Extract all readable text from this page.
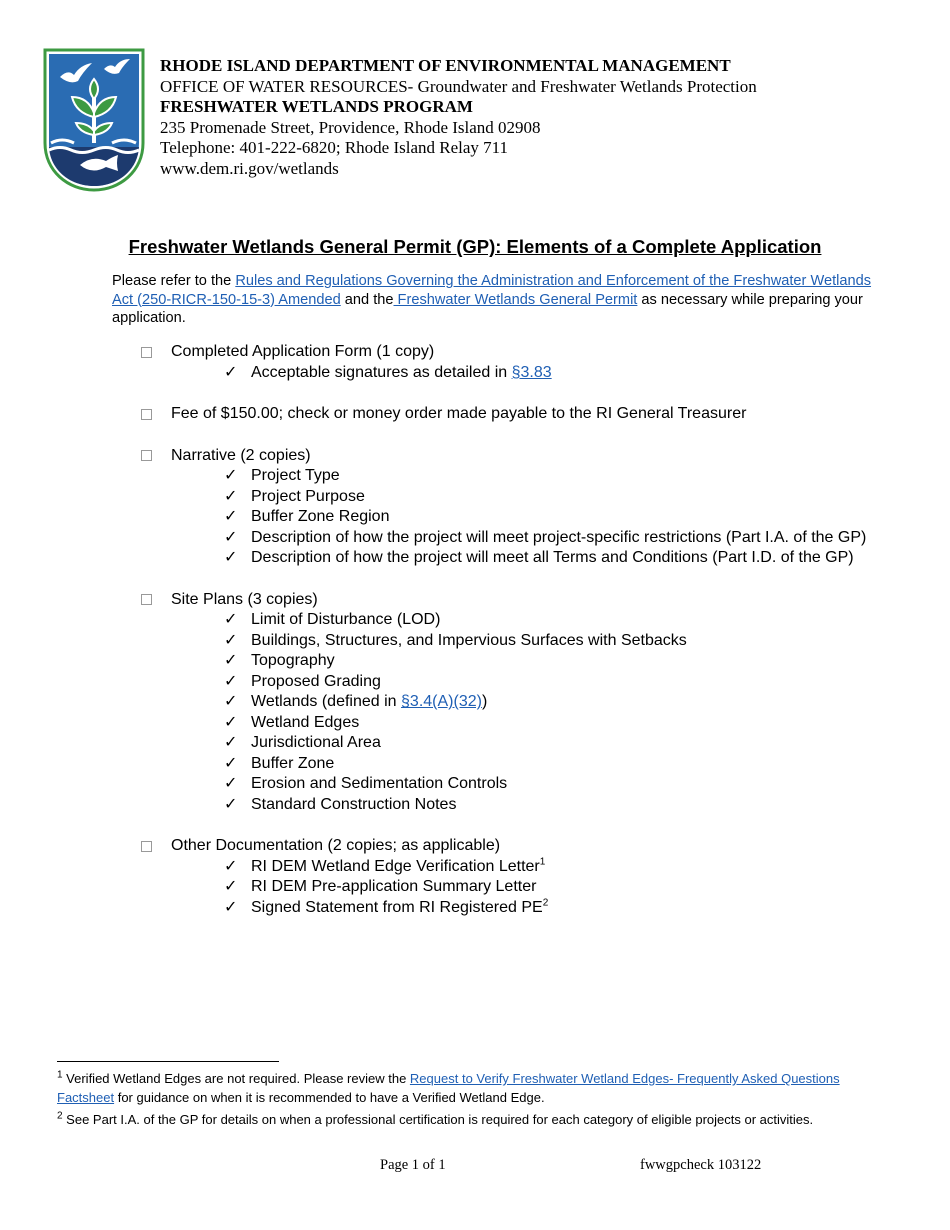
RHODE ISLAND DEPARTMENT OF ENVIRONMENTAL MANAGEMENT
OFFICE OF WATER RESOURCES- Groundwater and Freshwater Wetlands Protection
FRESHWATER WETLANDS PROGRAM
235 Promenade Street, Providence, Rhode Island 02908
Telephone: 401-222-6820; Rhode Island Relay 711
www.dem.ri.gov/wetlands
Freshwater Wetlands General Permit (GP): Elements of a Complete Application
Please refer to the Rules and Regulations Governing the Administration and Enforcement of the Freshwater Wetlands Act (250-RICR-150-15-3) Amended and the Freshwater Wetlands General Permit as necessary while preparing your application.
Completed Application Form (1 copy)
✓ Acceptable signatures as detailed in §3.83
Fee of $150.00; check or money order made payable to the RI General Treasurer
Narrative (2 copies)
✓ Project Type
✓ Project Purpose
✓ Buffer Zone Region
✓ Description of how the project will meet project-specific restrictions (Part I.A. of the GP)
✓ Description of how the project will meet all Terms and Conditions (Part I.D. of the GP)
Site Plans (3 copies)
✓ Limit of Disturbance (LOD)
✓ Buildings, Structures, and Impervious Surfaces with Setbacks
✓ Topography
✓ Proposed Grading
✓ Wetlands (defined in §3.4(A)(32))
✓ Wetland Edges
✓ Jurisdictional Area
✓ Buffer Zone
✓ Erosion and Sedimentation Controls
✓ Standard Construction Notes
Other Documentation (2 copies; as applicable)
✓ RI DEM Wetland Edge Verification Letter$^1$
✓ RI DEM Pre-application Summary Letter
✓ Signed Statement from RI Registered $PE^2$

$^1$ Verified Wetland Edges are not required. Please review the Request to Verify Freshwater Wetland Edges- Frequently Asked Questions Factsheet for guidance on when it is recommended to have a Verified Wetland Edge.

$^2$ See Part I.A. of the GP for details on when a professional certification is required for each category of eligible projects or activities.

Page 1 of 1	fwwgpcheck 103122
